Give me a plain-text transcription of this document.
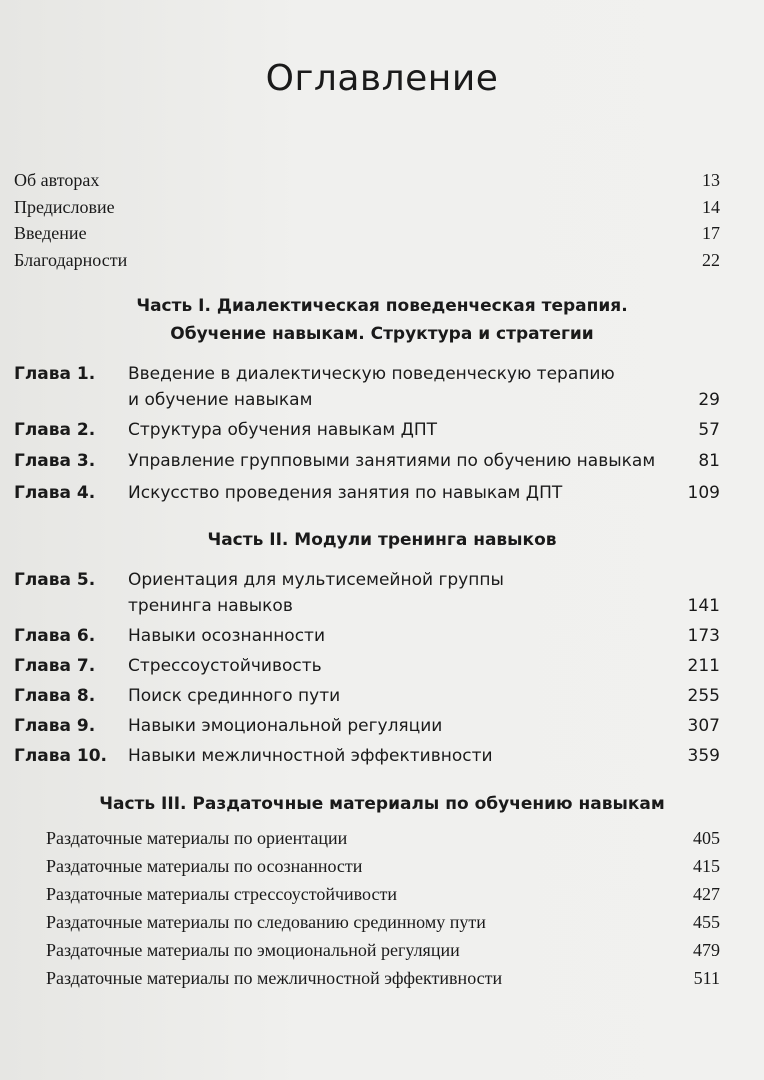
Оглавление
Об авторах	13
Предисловие	14
Введение	17
Благодарности	22
Часть I. Диалектическая поведенческая терапия.
Обучение навыкам. Структура и стратегии
Глава 1. Введение в диалектическую поведенческую терапию
и обучение навыкам	29
Глава 2. Структура обучения навыкам ДПТ	57
Глава 3. Управление групповыми занятиями по обучению навыкам	81
Глава 4. Искусство проведения занятия по навыкам ДПТ	109
Часть II. Модули тренинга навыков
Глава 5. Ориентация для мультисемейной группы
тренинга навыков	141
Глава 6. Навыки осознанности	173
Глава 7. Стрессоустойчивость	211
Глава 8. Поиск срединного пути	255
Глава 9. Навыки эмоциональной регуляции	307
Глава 10. Навыки межличностной эффективности	359
Часть III. Раздаточные материалы по обучению навыкам
Раздаточные материалы по ориентации	405
Раздаточные материалы по осознанности	415
Раздаточные материалы стрессоустойчивости	427
Раздаточные материалы по следованию срединному пути	455
Раздаточные материалы по эмоциональной регуляции	479
Раздаточные материалы по межличностной эффективности	511
